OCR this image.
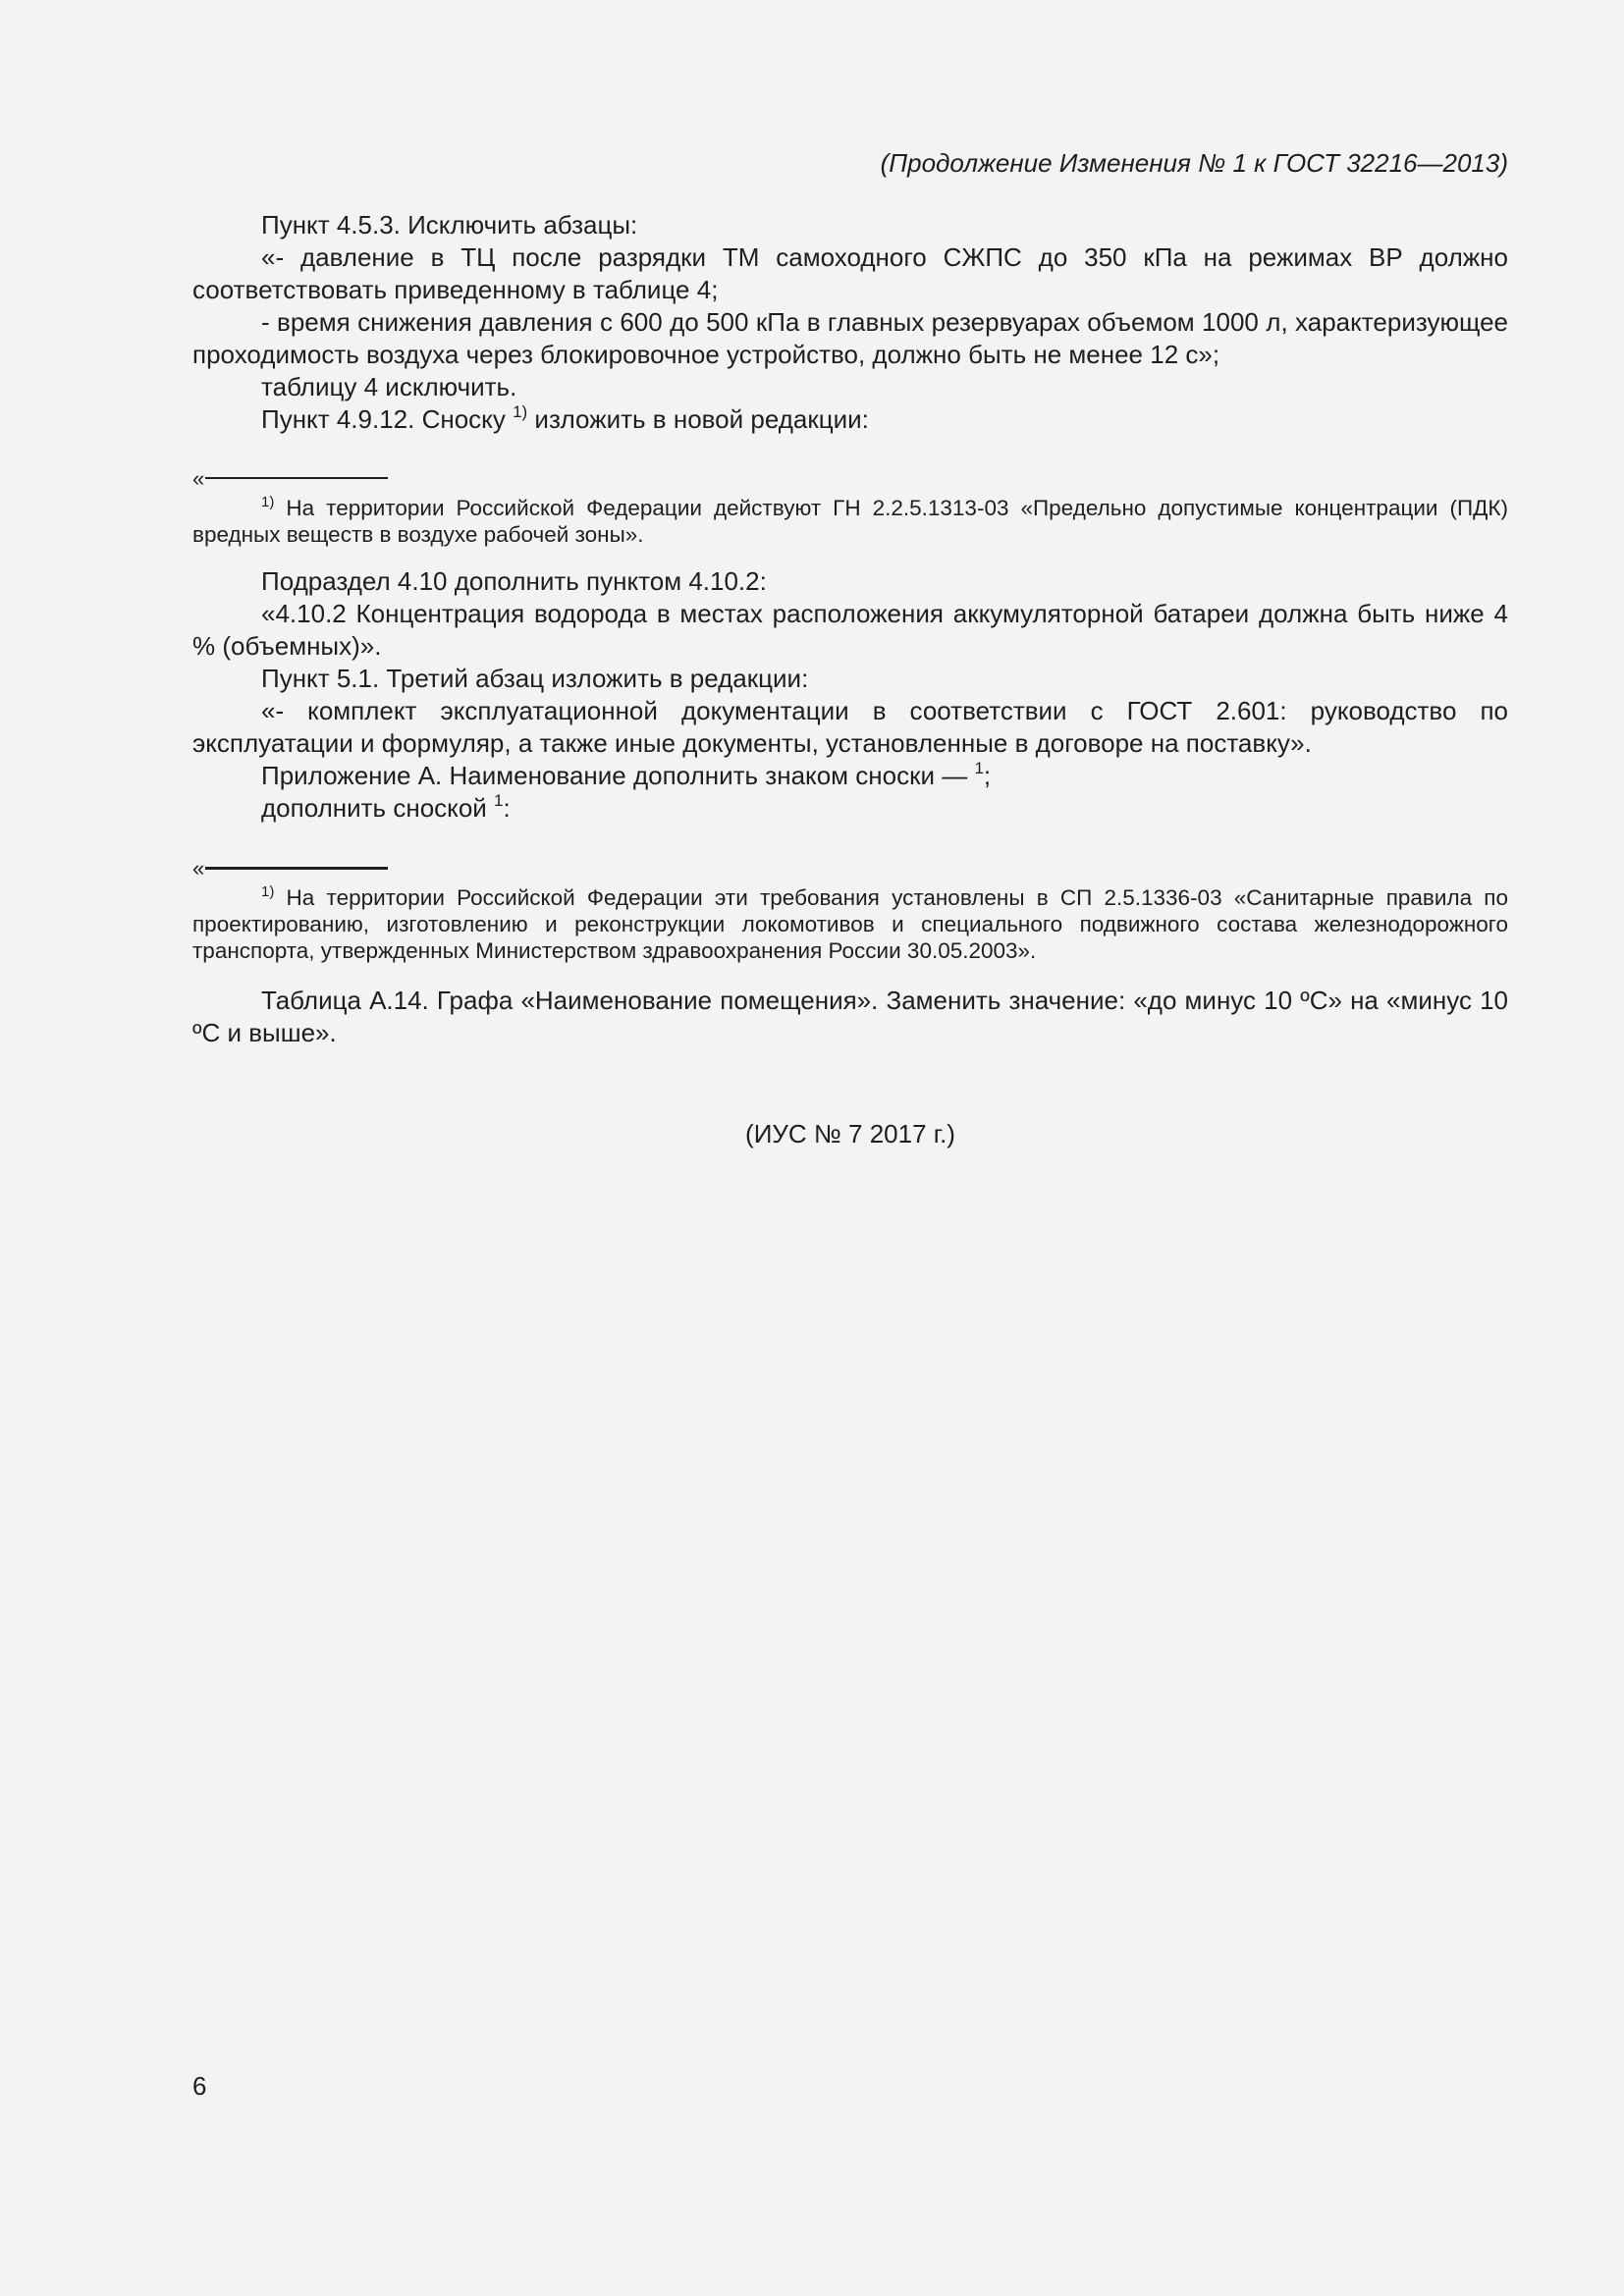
(Продолжение Изменения № 1 к ГОСТ 32216—2013)

Пункт 4.5.3. Исключить абзацы:

«- давление в ТЦ после разрядки ТМ самоходного СЖПС до 350 кПа на режимах ВР должно соответствовать приведенному в таблице 4;

- время снижения давления с 600 до 500 кПа в главных резервуарах объемом 1000 л, характеризующее проходимость воздуха через блокировочное устройство, должно быть не менее 12 с»;

таблицу 4 исключить.

Пункт 4.9.12. Сноску $^{1)}$ изложить в новой редакции:

«

$^{1)}$ На территории Российской Федерации действуют ГН 2.2.5.1313-03 «Предельно допустимые концентрации (ПДК) вредных веществ в воздухе рабочей зоны».

Подраздел 4.10 дополнить пунктом 4.10.2:

«4.10.2 Концентрация водорода в местах расположения аккумуляторной батареи должна быть ниже 4 % (объемных)».

Пункт 5.1. Третий абзац изложить в редакции:

«- комплект эксплуатационной документации в соответствии с ГОСТ 2.601: руководство по эксплуатации и формуляр, а также иные документы, установленные в договоре на поставку».

Приложение А. Наименование дополнить знаком сноски — $^1$;

дополнить сноской $^1$:

«

$^{1)}$ На территории Российской Федерации эти требования установлены в СП 2.5.1336-03 «Санитарные правила по проектированию, изготовлению и реконструкции локомотивов и специального подвижного состава железнодорожного транспорта, утвержденных Министерством здравоохранения России 30.05.2003».

Таблица А.14. Графа «Наименование помещения». Заменить значение: «до минус 10 ºС» на «минус 10 ºС и выше».

(ИУС № 7 2017 г.)
6
